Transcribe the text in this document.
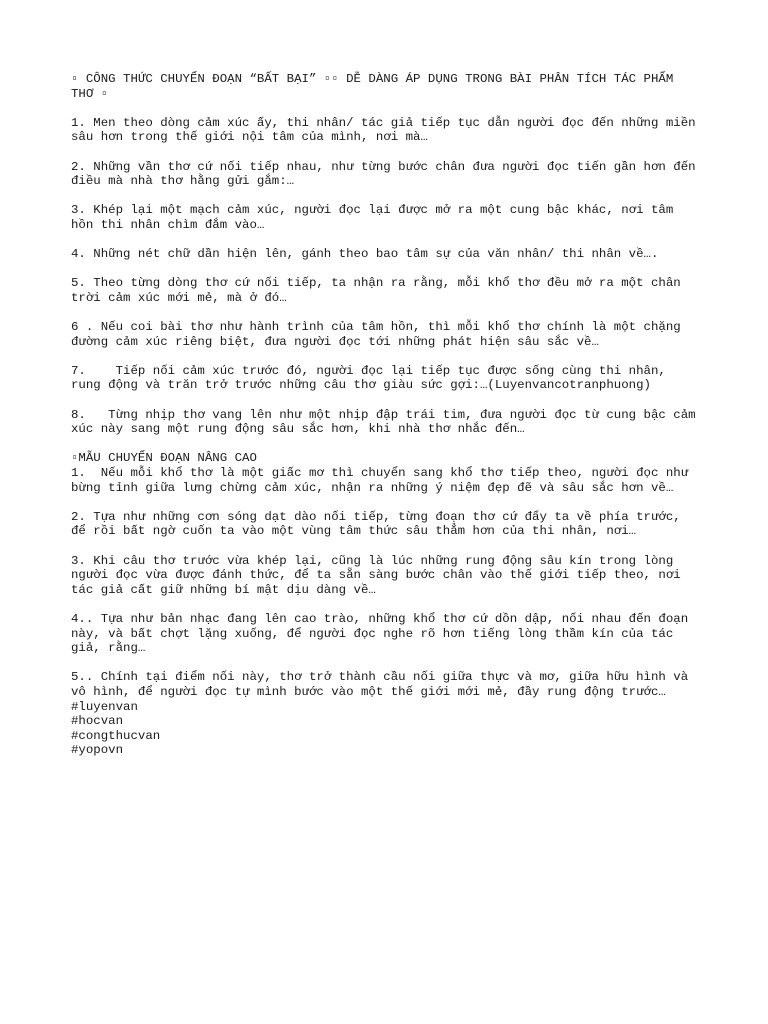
▫ CÔNG THỨC CHUYỂN ĐOẠN “BẤT BẠI” ▫▫ DỄ DÀNG ÁP DỤNG TRONG BÀI PHÂN TÍCH TÁC PHẨM THƠ ▫

1. Men theo dòng cảm xúc ấy, thi nhân/ tác giả tiếp tục dẫn người đọc đến những miền sâu hơn trong thế giới nội tâm của mình, nơi mà…

2. Những vần thơ cứ nối tiếp nhau, như từng bước chân đưa người đọc tiến gần hơn đến điều mà nhà thơ hằng gửi gắm:…

3. Khép lại một mạch cảm xúc, người đọc lại được mở ra một cung bậc khác, nơi tâm hồn thi nhân chìm đắm vào…

4. Những nét chữ dần hiện lên, gánh theo bao tâm sự của văn nhân/ thi nhân về….

5. Theo từng dòng thơ cứ nối tiếp, ta nhận ra rằng, mỗi khổ thơ đều mở ra một chân trời cảm xúc mới mẻ, mà ở đó…

6 . Nếu coi bài thơ như hành trình của tâm hồn, thì mỗi khổ thơ chính là một chặng đường cảm xúc riêng biệt, đưa người đọc tới những phát hiện sâu sắc về…

7.    Tiếp nối cảm xúc trước đó, người đọc lại tiếp tục được sống cùng thi nhân, rung động và trăn trở trước những câu thơ giàu sức gợi:…(Luyenvancotranphuong)

8.   Từng nhịp thơ vang lên như một nhịp đập trái tim, đưa người đọc từ cung bậc cảm xúc này sang một rung động sâu sắc hơn, khi nhà thơ nhắc đến…

▫MẪU CHUYỂN ĐOẠN NÂNG CAO

1.  Nếu mỗi khổ thơ là một giấc mơ thì chuyển sang khổ thơ tiếp theo, người đọc như bừng tỉnh giữa lưng chừng cảm xúc, nhận ra những ý niệm đẹp đẽ và sâu sắc hơn về…

2. Tựa như những cơn sóng dạt dào nối tiếp, từng đoạn thơ cứ đẩy ta về phía trước, để rồi bất ngờ cuốn ta vào một vùng tâm thức sâu thẳm hơn của thi nhân, nơi…

3. Khi câu thơ trước vừa khép lại, cũng là lúc những rung động sâu kín trong lòng người đọc vừa được đánh thức, để ta sẵn sàng bước chân vào thế giới tiếp theo, nơi tác giả cất giữ những bí mật dịu dàng về…

4.. Tựa như bản nhạc đang lên cao trào, những khổ thơ cứ dồn dập, nối nhau đến đoạn này, và bất chợt lặng xuống, để người đọc nghe rõ hơn tiếng lòng thầm kín của tác giả, rằng…

5.. Chính tại điểm nối này, thơ trở thành cầu nối giữa thực và mơ, giữa hữu hình và vô hình, để người đọc tự mình bước vào một thế giới mới mẻ, đầy rung động trước…

#luyenvan
#hocvan
#congthucvan
#yopovn
